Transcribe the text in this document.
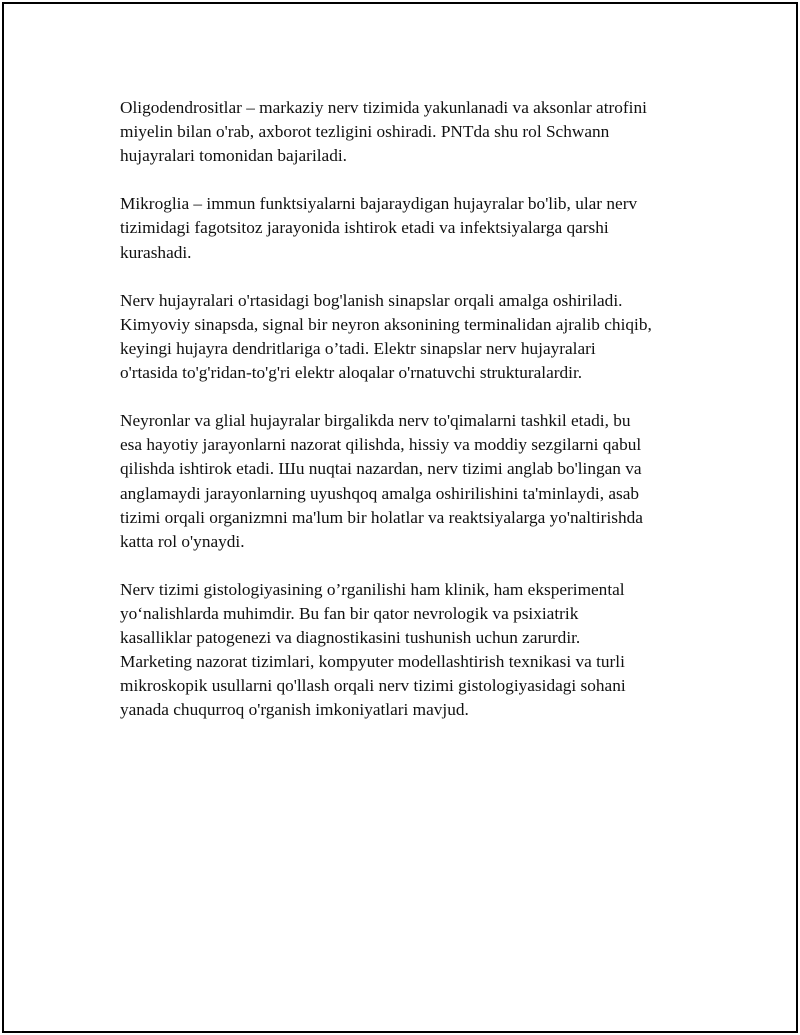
Oligodendrositlar – markaziy nerv tizimida yakunlanadi va aksonlar atrofini
miyelin bilan o'rab, axborot tezligini oshiradi. PNTda shu rol Schwann
hujayralari tomonidan bajariladi.

Mikroglia – immun funktsiyalarni bajaraydigan hujayralar bo'lib, ular nerv
tizimidagi fagotsitoz jarayonida ishtirok etadi va infektsiyalarga qarshi
kurashadi.

Nerv hujayralari o'rtasidagi bog'lanish sinapslar orqali amalga oshiriladi.
Kimyoviy sinapsda, signal bir neyron aksonining terminalidan ajralib chiqib,
keyingi hujayra dendritlariga o’tadi. Elektr sinapslar nerv hujayralari
o'rtasida to'g'ridan-to'g'ri elektr aloqalar o'rnatuvchi strukturalardir.

Neyronlar va glial hujayralar birgalikda nerv to'qimalarni tashkil etadi, bu
esa hayotiy jarayonlarni nazorat qilishda, hissiy va moddiy sezgilarni qabul
qilishda ishtirok etadi. Шu nuqtai nazardan, nerv tizimi anglab bo'lingan va
anglamaydi jarayonlarning uyushqoq amalga oshirilishini ta'minlaydi, asab
tizimi orqali organizmni ma'lum bir holatlar va reaktsiyalarga yo'naltirishda
katta rol o'ynaydi.

Nerv tizimi gistologiyasining o’rganilishi ham klinik, ham eksperimental
yo‘nalishlarda muhimdir. Bu fan bir qator nevrologik va psixiatrik
kasalliklar patogenezi va diagnostikasini tushunish uchun zarurdir.
Marketing nazorat tizimlari, kompyuter modellashtirish texnikasi va turli
mikroskopik usullarni qo'llash orqali nerv tizimi gistologiyasidagi sohani
yanada chuqurroq o'rganish imkoniyatlari mavjud.
